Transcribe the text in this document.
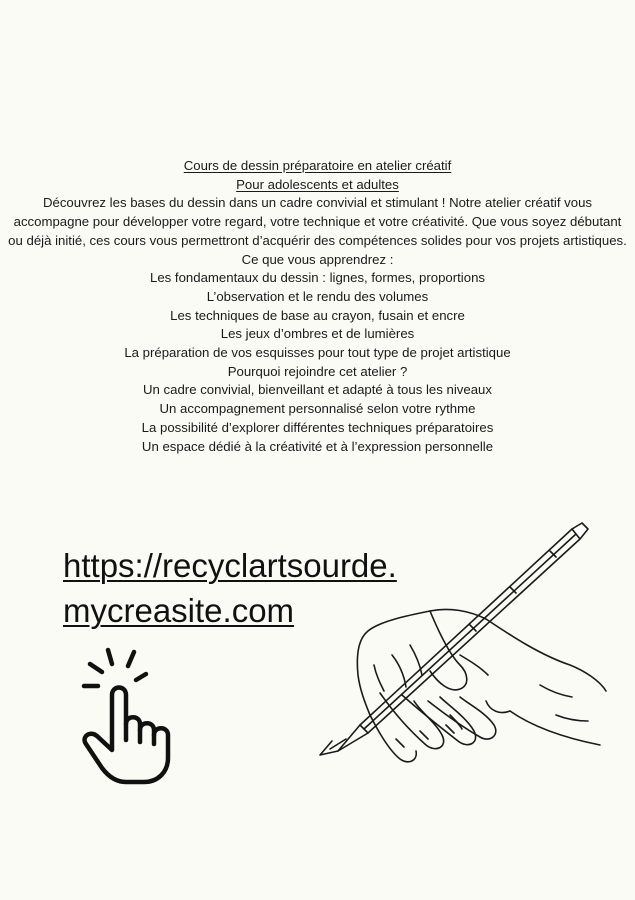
Cours de dessin préparatoire en atelier créatif
Pour adolescents et adultes
Découvrez les bases du dessin dans un cadre convivial et stimulant ! Notre atelier créatif vous accompagne pour développer votre regard, votre technique et votre créativité. Que vous soyez débutant ou déjà initié, ces cours vous permettront d’acquérir des compétences solides pour vos projets artistiques.
Ce que vous apprendrez :
Les fondamentaux du dessin : lignes, formes, proportions
L’observation et le rendu des volumes
Les techniques de base au crayon, fusain et encre
Les jeux d’ombres et de lumières
La préparation de vos esquisses pour tout type de projet artistique
Pourquoi rejoindre cet atelier ?
Un cadre convivial, bienveillant et adapté à tous les niveaux
Un accompagnement personnalisé selon votre rythme
La possibilité d’explorer différentes techniques préparatoires
Un espace dédié à la créativité et à l’expression personnelle
https://recyclartsourde.
mycreasite.com
